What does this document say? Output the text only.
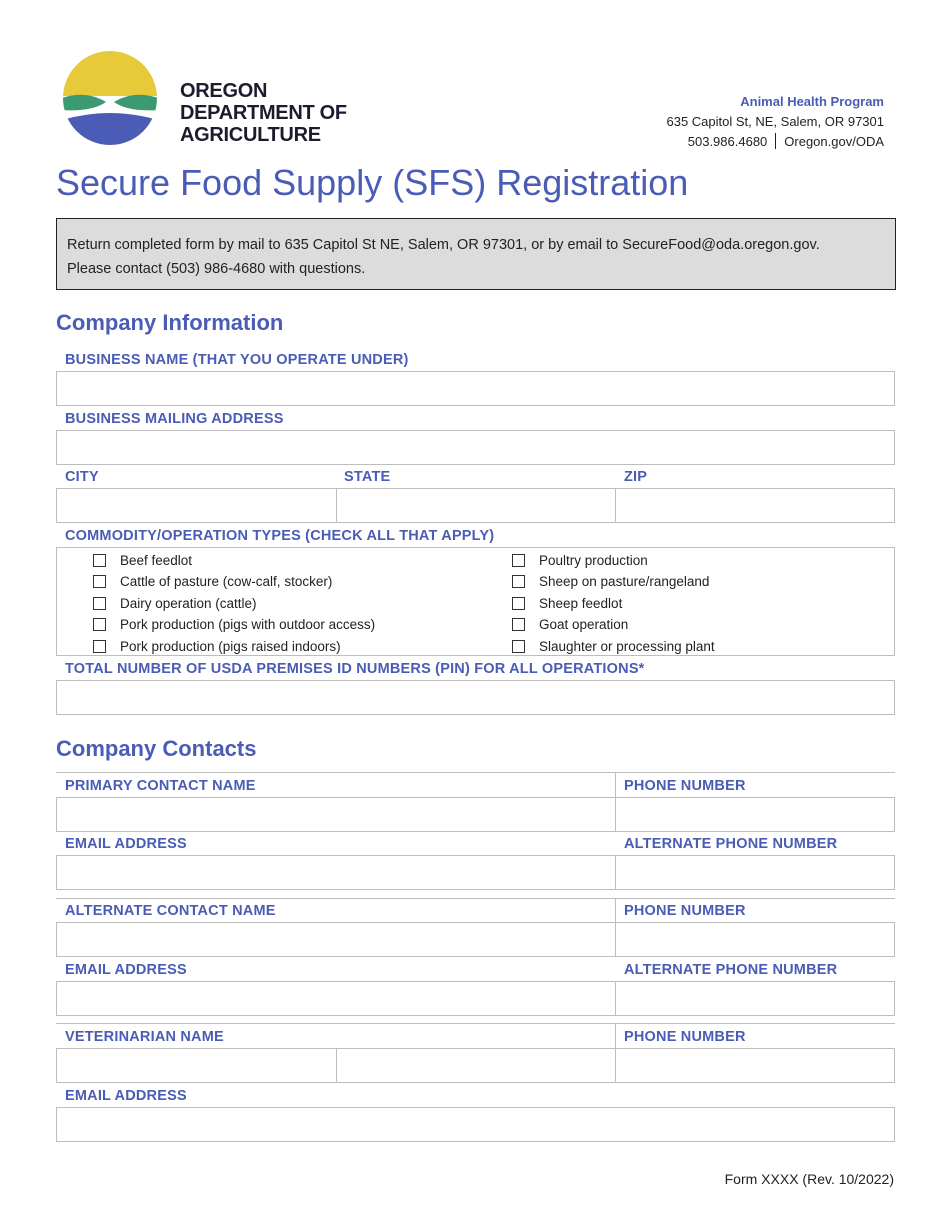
OREGON
DEPARTMENT OF
AGRICULTURE
Animal Health Program
635 Capitol St, NE, Salem, OR 97301
503.986.4680 Oregon.gov/ODA
Secure Food Supply (SFS) Registration
Return completed form by mail to 635 Capitol St NE, Salem, OR 97301, or by email to SecureFood@oda.oregon.gov.
Please contact (503) 986-4680 with questions.
Company Information
BUSINESS NAME (THAT YOU OPERATE UNDER)
BUSINESS MAILING ADDRESS
CITY	STATE	ZIP
COMMODITY/OPERATION TYPES (CHECK ALL THAT APPLY)
Beef feedlot
Cattle of pasture (cow-calf, stocker)
Dairy operation (cattle)
Pork production (pigs with outdoor access)
Pork production (pigs raised indoors)
Poultry production
Sheep on pasture/rangeland
Sheep feedlot
Goat operation
Slaughter or processing plant
TOTAL NUMBER OF USDA PREMISES ID NUMBERS (PIN) FOR ALL OPERATIONS*
Company Contacts
PRIMARY CONTACT NAME	PHONE NUMBER
EMAIL ADDRESS	ALTERNATE PHONE NUMBER
ALTERNATE CONTACT NAME	PHONE NUMBER
EMAIL ADDRESS	ALTERNATE PHONE NUMBER
VETERINARIAN NAME	PHONE NUMBER
EMAIL ADDRESS
Form XXXX (Rev. 10/2022)
